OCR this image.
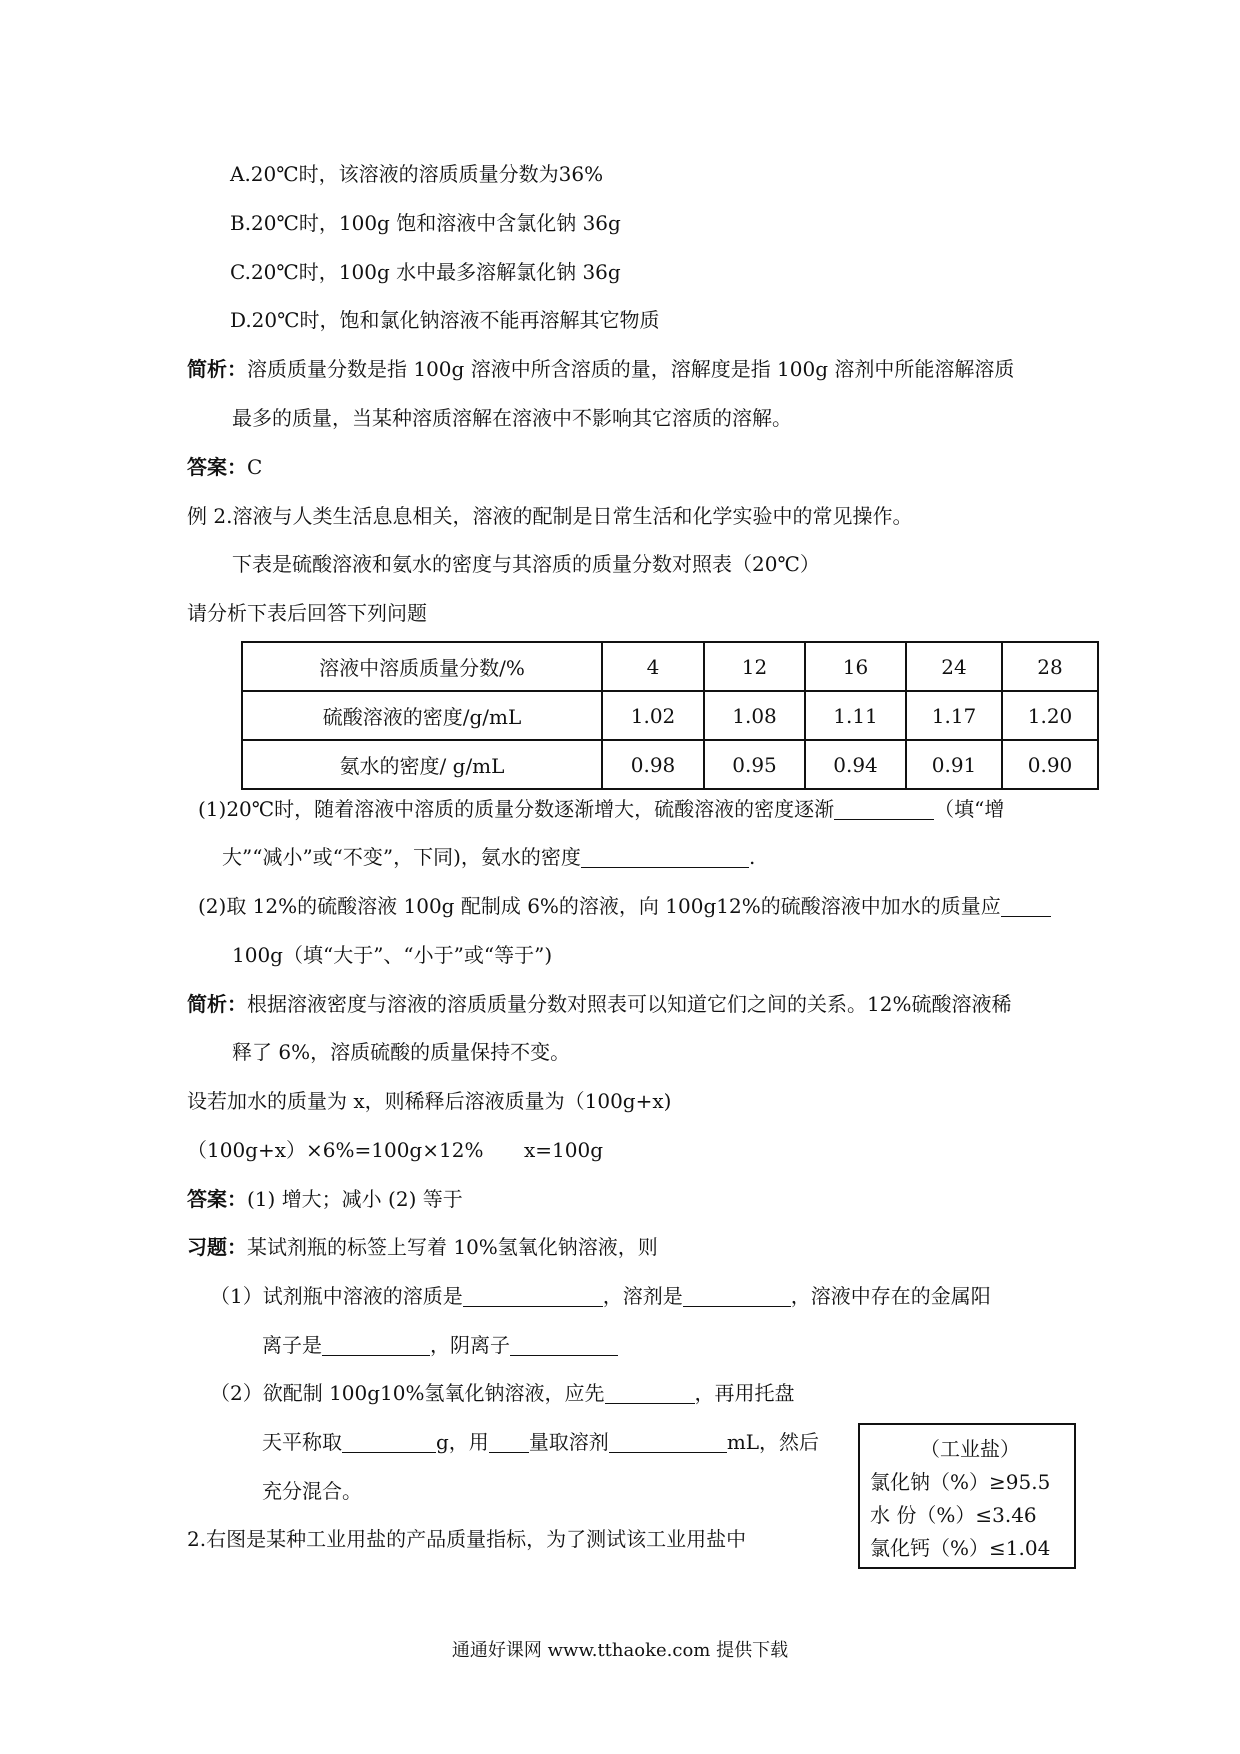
A.20℃时，该溶液的溶质质量分数为36%
B.20℃时，100g 饱和溶液中含氯化钠 36g
C.20℃时，100g 水中最多溶解氯化钠 36g
D.20℃时，饱和氯化钠溶液不能再溶解其它物质
简析：溶质质量分数是指 100g 溶液中所含溶质的量，溶解度是指 100g 溶剂中所能溶解溶质
最多的质量，当某种溶质溶解在溶液中不影响其它溶质的溶解。
答案：C
例 2.溶液与人类生活息息相关，溶液的配制是日常生活和化学实验中的常见操作。
下表是硫酸溶液和氨水的密度与其溶质的质量分数对照表（20℃）
请分析下表后回答下列问题
溶液中溶质质量分数/%	4	12	16	24	28
硫酸溶液的密度/g/mL	1.02	1.08	1.11	1.17	1.20
氨水的密度/ g/mL	0.98	0.95	0.94	0.91	0.90
(1)20℃时，随着溶液中溶质的质量分数逐渐增大，硫酸溶液的密度逐渐	（填“增
大”“减小”或“不变”，下同)，氨水的密度	.
(2)取 12%的硫酸溶液 100g 配制成 6%的溶液，向 100g12%的硫酸溶液中加水的质量应
100g（填“大于”、“小于”或“等于”)
简析：根据溶液密度与溶液的溶质质量分数对照表可以知道它们之间的关系。12%硫酸溶液稀
释了 6%，溶质硫酸的质量保持不变。
设若加水的质量为 x，则稀释后溶液质量为（100g+x)
（100g+x）×6%=100g×12% x=100g
答案：(1) 增大；减小 (2) 等于
习题：某试剂瓶的标签上写着 10%氢氧化钠溶液，则
（1）试剂瓶中溶液的溶质是	，溶剂是	，溶液中存在的金属阳
离子是	，阴离子
（2）欲配制 100g10%氢氧化钠溶液，应先	，再用托盘
天平称取	g，用 量取溶剂	mL，然后
充分混合。
2.右图是某种工业用盐的产品质量指标，为了测试该工业用盐中
（工业盐）
氯化钠（%）≥95.5
水 份（%）≤3.46
氯化钙（%）≤1.04
通通好课网 www.tthaoke.com 提供下载
